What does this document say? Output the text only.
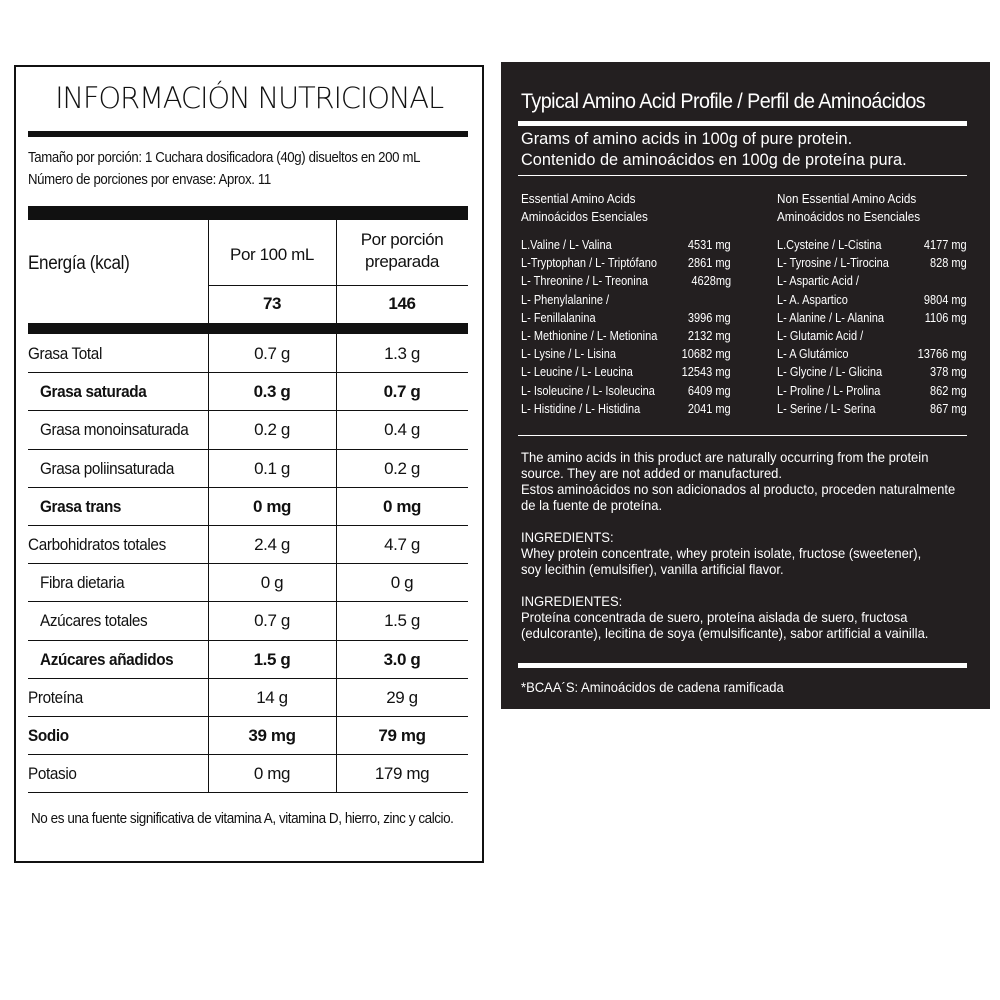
INFORMACIÓN NUTRICIONAL
Tamaño por porción: 1 Cuchara dosificadora (40g) disueltos en 200 mL
Número de porciones por envase: Aprox. 11
Energía (kcal)	Por 100 mL
Por porción
preparada
73	146
Grasa Total	0.7 g	1.3 g
Grasa saturada	0.3 g	0.7 g
Grasa monoinsaturada	0.2 g	0.4 g
Grasa poliinsaturada	0.1 g	0.2 g
Grasa trans	0 mg	0 mg
Carbohidratos totales	2.4 g	4.7 g
Fibra dietaria	0 g	0 g
Azúcares totales	0.7 g	1.5 g
Azúcares añadidos	1.5 g	3.0 g
Proteína	14 g	29 g
Sodio	39 mg	79 mg
Potasio	0 mg	179 mg
No es una fuente significativa de vitamina A, vitamina D, hierro, zinc y calcio.
Typical Amino Acid Profile / Perfil de Aminoácidos
Grams of amino acids in 100g of pure protein.
Contenido de aminoácidos en 100g de proteína pura.
Essential Amino Acids
Aminoácidos Esenciales
Non Essential Amino Acids
Aminoácidos no Esenciales
L.Valine / L- Valina	4531 mg
L-Tryptophan / L- Triptófano 2861 mg
L- Threonine / L- Treonina	4628mg
L- Phenylalanine /
L- Fenillalanina	3996 mg
L- Methionine / L- Metionina 2132 mg
L- Lysine / L- Lisina	10682 mg
L- Leucine / L- Leucina	12543 mg
L- Isoleucine / L- Isoleucina	6409 mg
L- Histidine / L- Histidina	2041 mg
L.Cysteine / L-Cistina	4177 mg
L- Tyrosine / L-Tirocina	828 mg
L- Aspartic Acid /
L- A. Aspartico	9804 mg
L- Alanine / L- Alanina	1106 mg
L- Glutamic Acid /
L- A Glutámico	13766 mg
L- Glycine / L- Glicina	378 mg
L- Proline / L- Prolina	862 mg
L- Serine / L- Serina	867 mg
The amino acids in this product are naturally occurring from the protein
source. They are not added or manufactured.
Estos aminoácidos no son adicionados al producto, proceden naturalmente
de la fuente de proteína.
INGREDIENTS:
Whey protein concentrate, whey protein isolate, fructose (sweetener),
soy lecithin (emulsifier), vanilla artificial flavor.
INGREDIENTES:
Proteína concentrada de suero, proteína aislada de suero, fructosa
(edulcorante), lecitina de soya (emulsificante), sabor artificial a vainilla.
*BCAA´S: Aminoácidos de cadena ramificada
